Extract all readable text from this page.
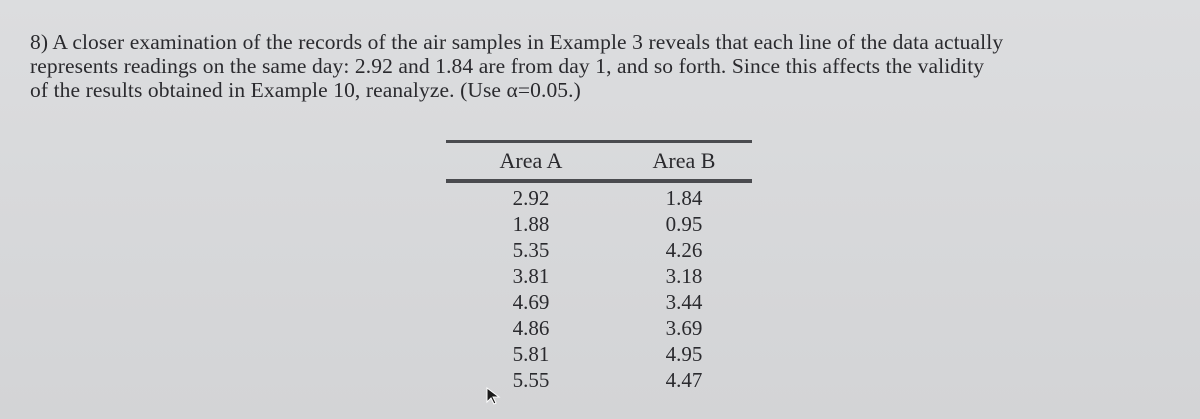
8) A closer examination of the records of the air samples in Example 3 reveals that each line of the data actually
represents readings on the same day: 2.92 and 1.84 are from day 1, and so forth. Since this affects the validity
of the results obtained in Example 10, reanalyze. (Use α=0.05.)

Area A	Area B
2.92
1.88
5.35
3.81
4.69
4.86
5.81
5.55
1.84
0.95
4.26
3.18
3.44
3.69
4.95
4.47
